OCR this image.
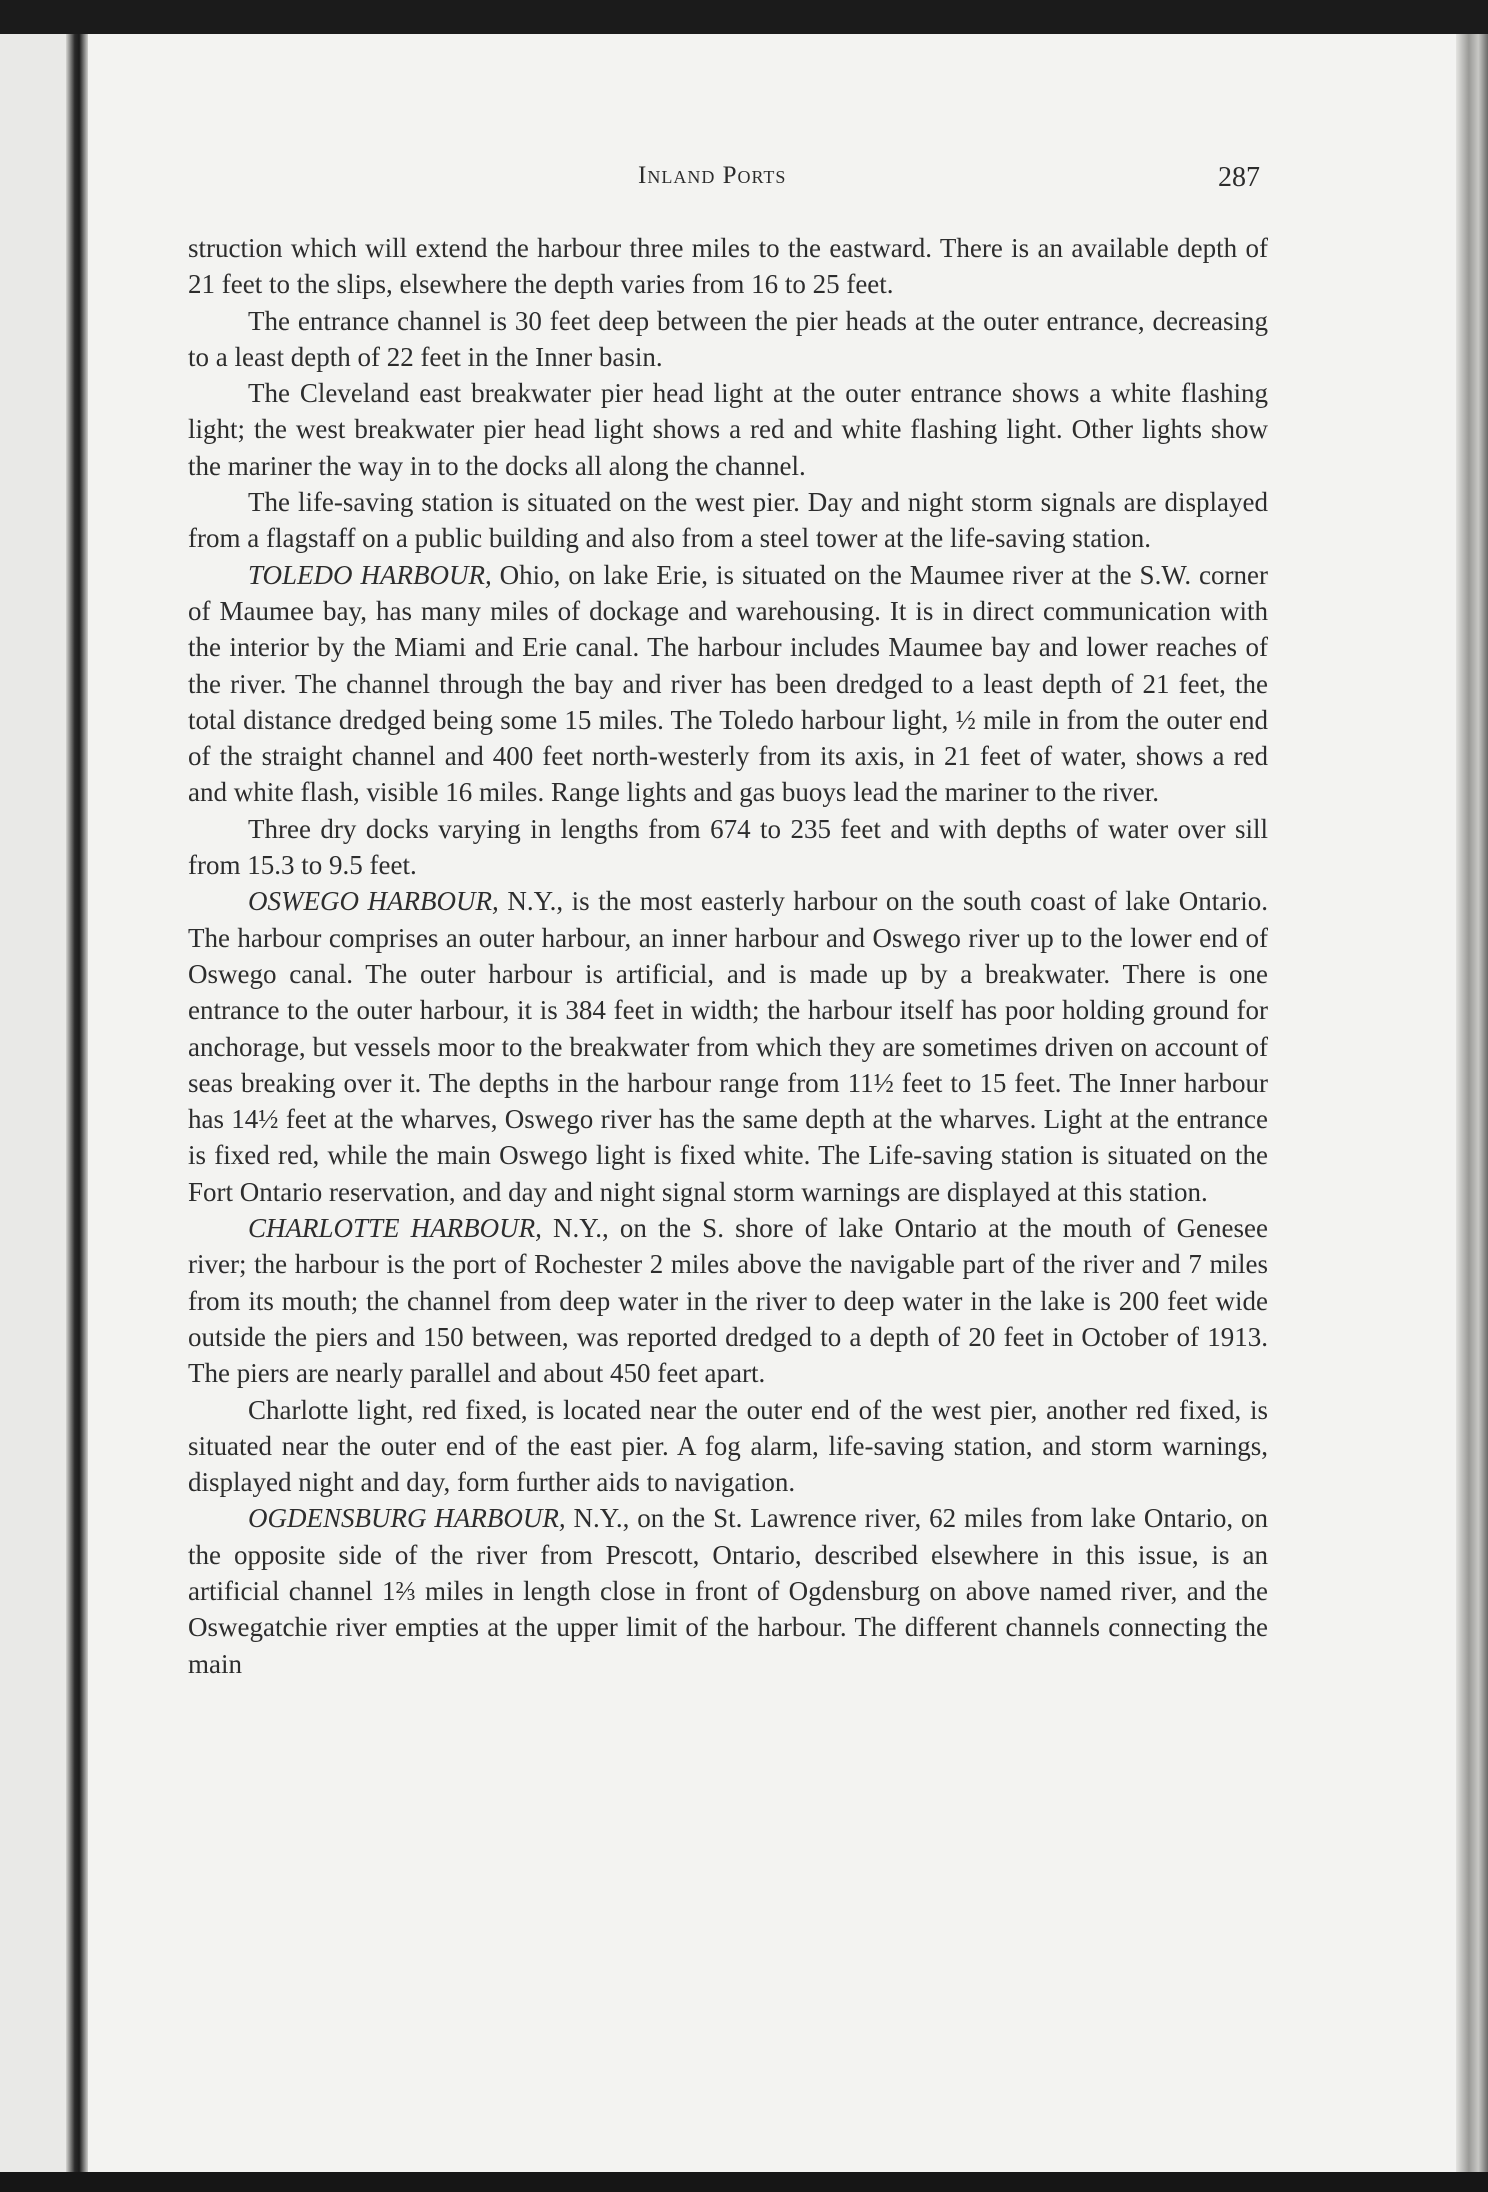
Inland Ports	287

struction which will extend the harbour three miles to the eastward. There is an available depth of 21 feet to the slips, elsewhere the depth varies from 16 to 25 feet.

The entrance channel is 30 feet deep between the pier heads at the outer entrance, decreasing to a least depth of 22 feet in the Inner basin.

The Cleveland east breakwater pier head light at the outer entrance shows a white flashing light; the west breakwater pier head light shows a red and white flashing light. Other lights show the mariner the way in to the docks all along the channel.

The life-saving station is situated on the west pier. Day and night storm signals are displayed from a flagstaff on a public building and also from a steel tower at the life-saving station.

TOLEDO HARBOUR, Ohio, on lake Erie, is situated on the Maumee river at the S.W. corner of Maumee bay, has many miles of dockage and warehousing. It is in direct communication with the interior by the Miami and Erie canal. The harbour includes Maumee bay and lower reaches of the river. The channel through the bay and river has been dredged to a least depth of 21 feet, the total distance dredged being some 15 miles. The Toledo harbour light, ½ mile in from the outer end of the straight channel and 400 feet north-westerly from its axis, in 21 feet of water, shows a red and white flash, visible 16 miles. Range lights and gas buoys lead the mariner to the river.

Three dry docks varying in lengths from 674 to 235 feet and with depths of water over sill from 15.3 to 9.5 feet.

OSWEGO HARBOUR, N.Y., is the most easterly harbour on the south coast of lake Ontario. The harbour comprises an outer harbour, an inner harbour and Oswego river up to the lower end of Oswego canal. The outer harbour is artificial, and is made up by a breakwater. There is one entrance to the outer harbour, it is 384 feet in width; the harbour itself has poor holding ground for anchorage, but vessels moor to the breakwater from which they are sometimes driven on account of seas breaking over it. The depths in the harbour range from 11½ feet to 15 feet. The Inner harbour has 14½ feet at the wharves, Oswego river has the same depth at the wharves. Light at the entrance is fixed red, while the main Oswego light is fixed white. The Life-saving station is situated on the Fort Ontario reservation, and day and night signal storm warnings are displayed at this station.

CHARLOTTE HARBOUR, N.Y., on the S. shore of lake Ontario at the mouth of Genesee river; the harbour is the port of Rochester 2 miles above the navigable part of the river and 7 miles from its mouth; the channel from deep water in the river to deep water in the lake is 200 feet wide outside the piers and 150 between, was reported dredged to a depth of 20 feet in October of 1913. The piers are nearly parallel and about 450 feet apart.

Charlotte light, red fixed, is located near the outer end of the west pier, another red fixed, is situated near the outer end of the east pier. A fog alarm, life-saving station, and storm warnings, displayed night and day, form further aids to navigation.

OGDENSBURG HARBOUR, N.Y., on the St. Lawrence river, 62 miles from lake Ontario, on the opposite side of the river from Prescott, Ontario, described elsewhere in this issue, is an artificial channel 1⅔ miles in length close in front of Ogdensburg on above named river, and the Oswegatchie river empties at the upper limit of the harbour. The different channels connecting the main
